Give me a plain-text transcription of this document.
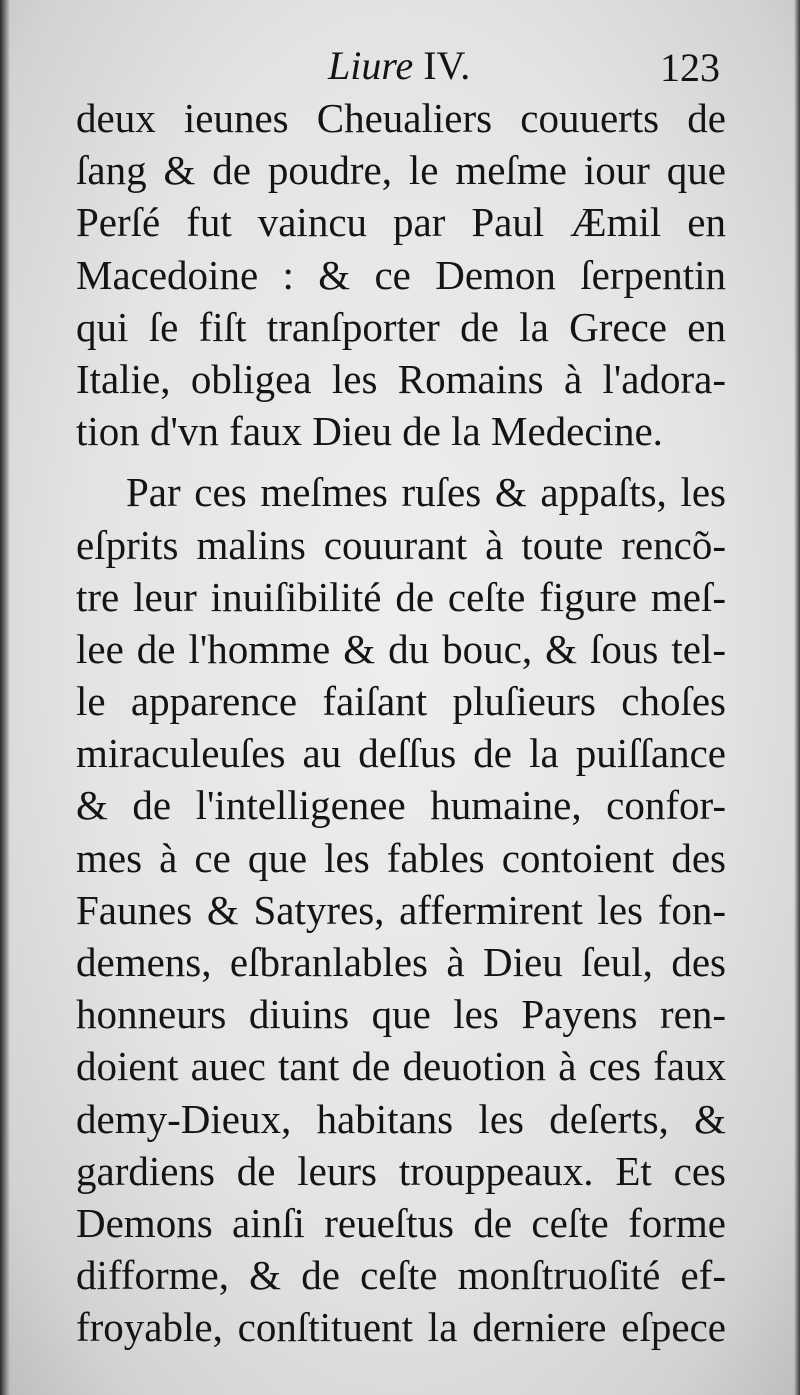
Liure IV.	123
deux ieunes Cheualiers couuerts de
ſang & de poudre, le meſme iour que
Perſé fut vaincu par Paul Æmil en
Macedoine : & ce Demon ſerpentin
qui ſe fiſt tranſporter de la Grece en
Italie, obligea les Romains à l'adora-
tion d'vn faux Dieu de la Medecine.
Par ces meſmes ruſes & appaſts, les
eſprits malins couurant à toute rencõ-
tre leur inuiſibilité de ceſte figure meſ-
lee de l'homme & du bouc, & ſous tel-
le apparence faiſant pluſieurs choſes
miraculeuſes au deſſus de la puiſſance
& de l'intelligenee humaine, confor-
mes à ce que les fables contoient des
Faunes & Satyres, affermirent les fon-
demens, eſbranlables à Dieu ſeul, des
honneurs diuins que les Payens ren-
doient auec tant de deuotion à ces faux
demy-Dieux, habitans les deſerts, &
gardiens de leurs trouppeaux. Et ces
Demons ainſi reueſtus de ceſte forme
difforme, & de ceſte monſtruoſité ef-
froyable, conſtituent la derniere eſpece
